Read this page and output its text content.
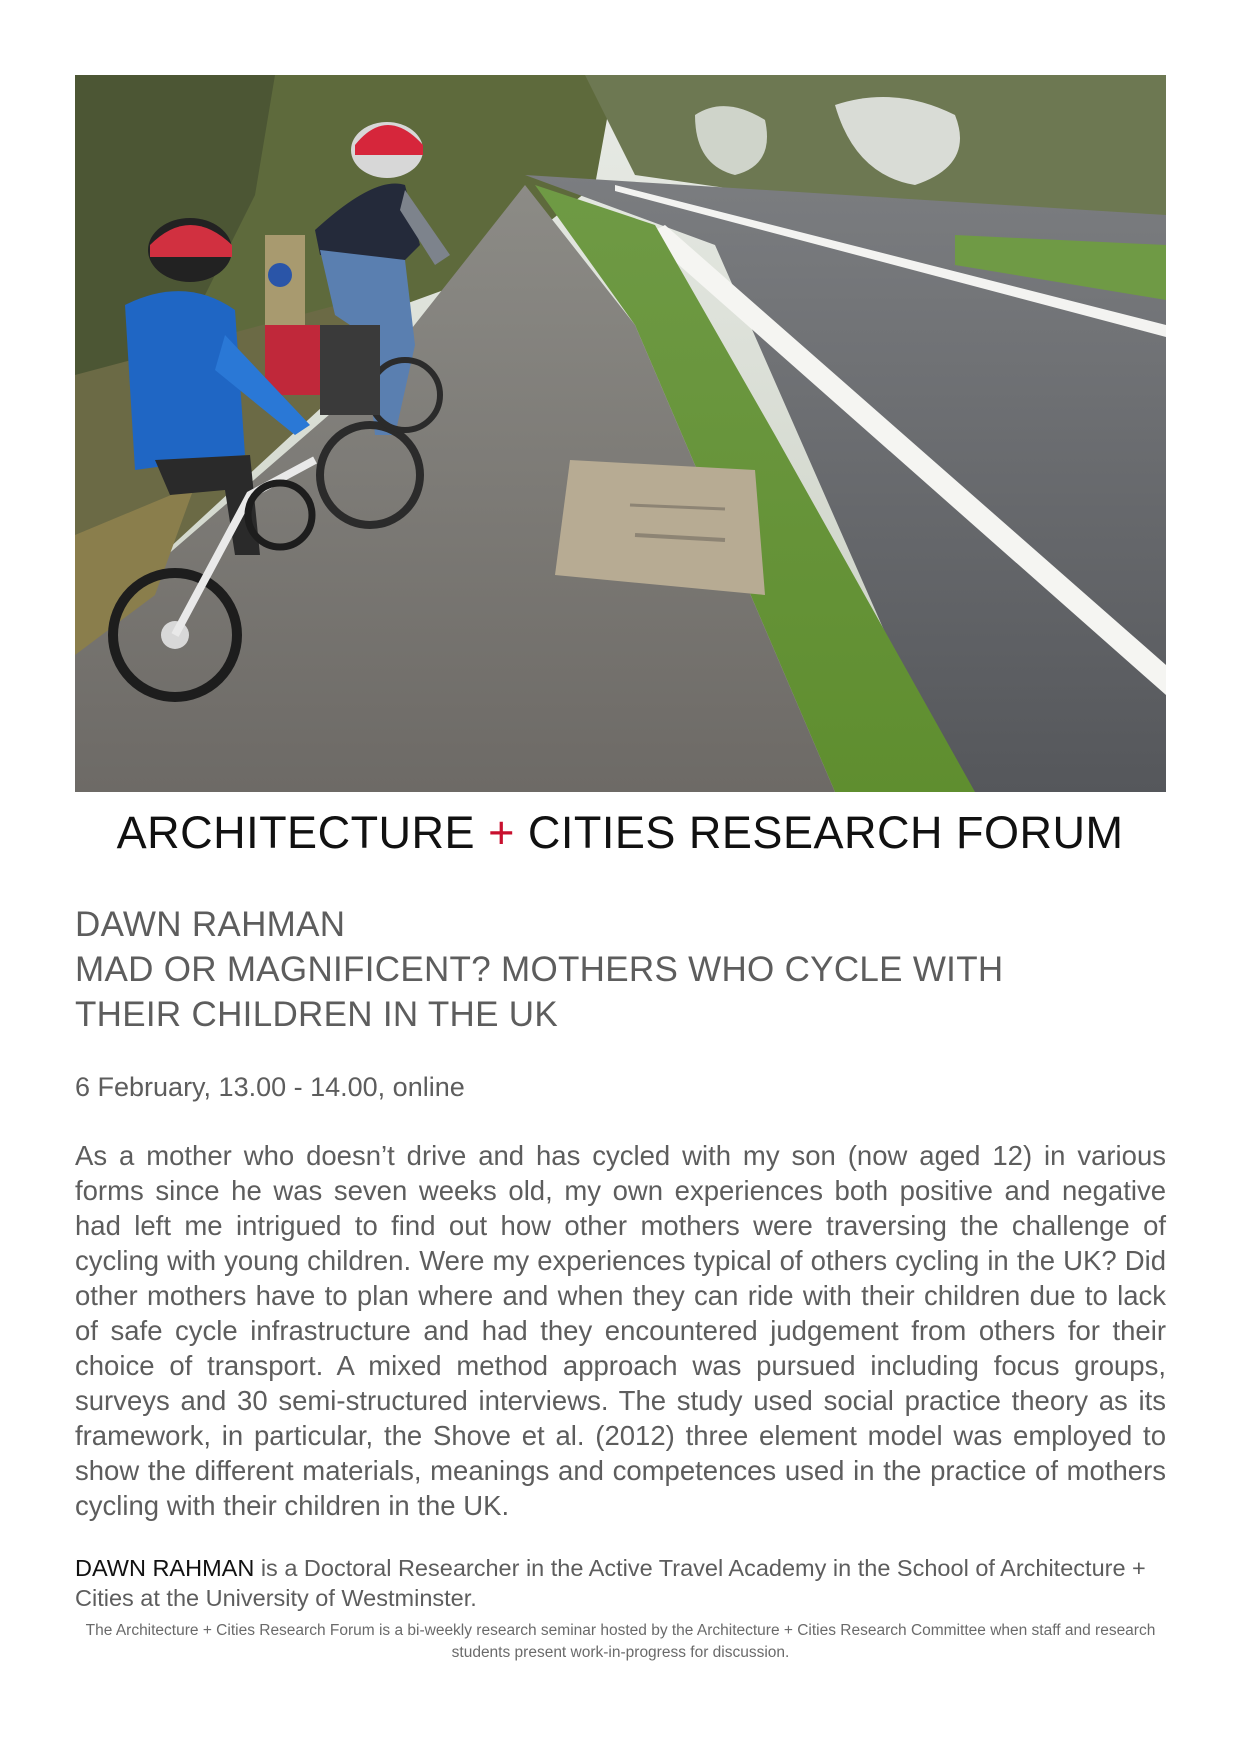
ARCHITECTURE + CITIES RESEARCH FORUM
DAWN RAHMAN
MAD OR MAGNIFICENT? MOTHERS WHO CYCLE WITH
THEIR CHILDREN IN THE UK
6 February, 13.00 - 14.00, online
As a mother who doesn’t drive and has cycled with my son (now aged 12) in various forms since he was seven weeks old, my own experiences both positive and negative had left me intrigued to find out how other mothers were traversing the challenge of cycling with young children. Were my experiences typical of others cycling in the UK? Did other mothers have to plan where and when they can ride with their children due to lack of safe cycle infrastructure and had they encountered judgement from others for their choice of transport. A mixed method approach was pursued including focus groups, surveys and 30 semi-structured interviews. The study used social practice theory as its framework, in particular, the Shove et al. (2012) three element model was employed to show the different materials, meanings and competences used in the practice of mothers cycling with their children in the UK.
DAWN RAHMAN is a Doctoral Researcher in the Active Travel Academy in the School of Architecture + Cities at the University of Westminster.
The Architecture + Cities Research Forum is a bi-weekly research seminar hosted by the Architecture + Cities Research Committee when staff and research students present work-in-progress for discussion.
